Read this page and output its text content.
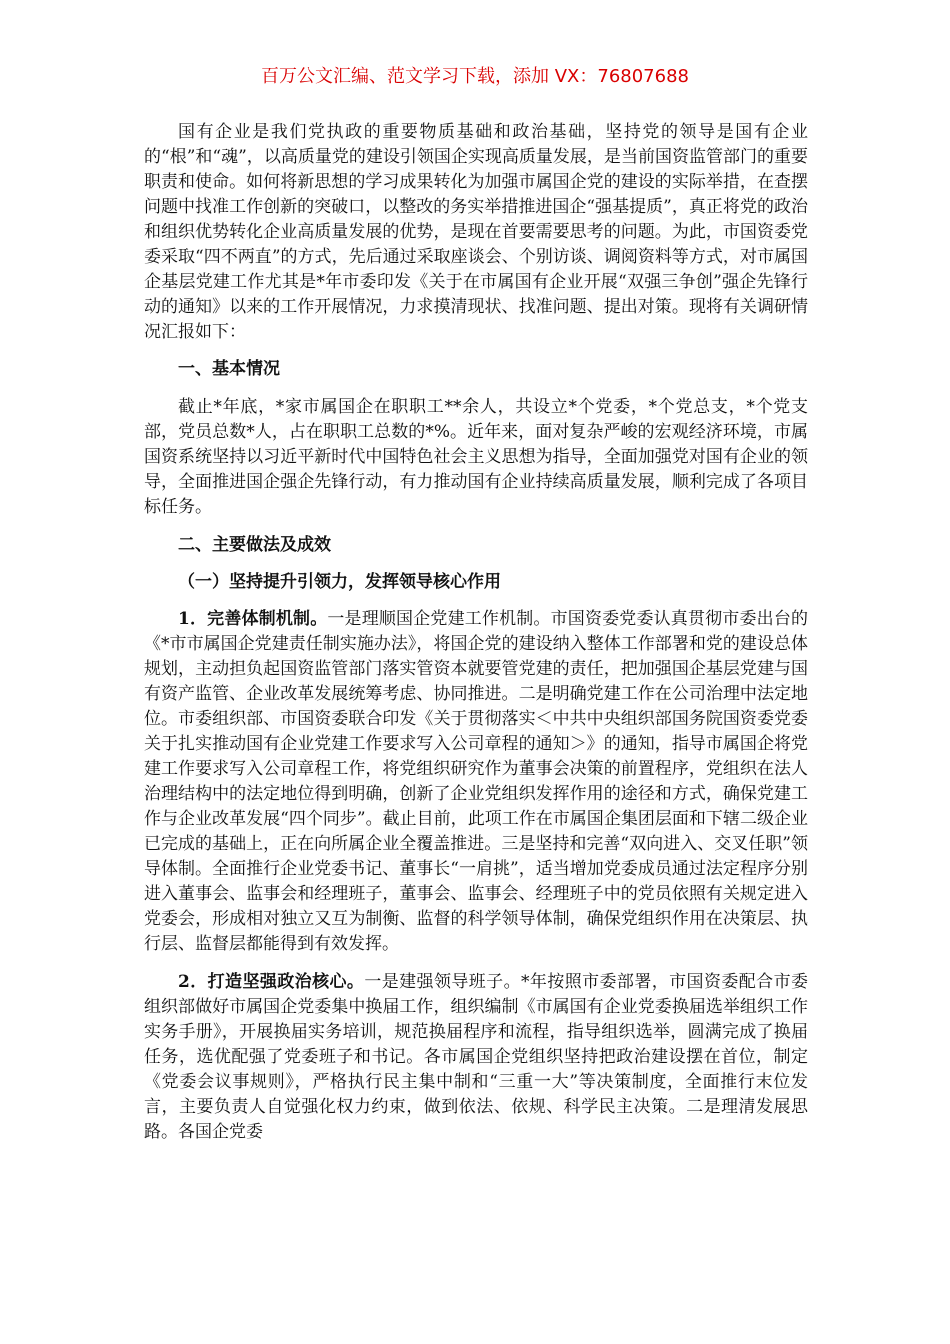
百万公文汇编、范文学习下载，添加 VX：76807688

国有企业是我们党执政的重要物质基础和政治基础，坚持党的领导是国有企业的“根”和“魂”，以高质量党的建设引领国企实现高质量发展，是当前国资监管部门的重要职责和使命。如何将新思想的学习成果转化为加强市属国企党的建设的实际举措，在查摆问题中找准工作创新的突破口，以整改的务实举措推进国企“强基提质”，真正将党的政治和组织优势转化企业高质量发展的优势，是现在首要需要思考的问题。为此，市国资委党委采取“四不两直”的方式，先后通过采取座谈会、个别访谈、调阅资料等方式，对市属国企基层党建工作尤其是*年市委印发《关于在市属国有企业开展“双强三争创”强企先锋行动的通知》以来的工作开展情况，力求摸清现状、找准问题、提出对策。现将有关调研情况汇报如下：

一、基本情况

截止*年底，*家市属国企在职职工**余人，共设立*个党委，*个党总支，*个党支部，党员总数*人，占在职职工总数的*%。近年来，面对复杂严峻的宏观经济环境，市属国资系统坚持以习近平新时代中国特色社会主义思想为指导，全面加强党对国有企业的领导，全面推进国企强企先锋行动，有力推动国有企业持续高质量发展，顺利完成了各项目标任务。

二、主要做法及成效
（一）坚持提升引领力，发挥领导核心作用

1．完善体制机制。一是理顺国企党建工作机制。市国资委党委认真贯彻市委出台的《*市市属国企党建责任制实施办法》，将国企党的建设纳入整体工作部署和党的建设总体规划，主动担负起国资监管部门落实管资本就要管党建的责任，把加强国企基层党建与国有资产监管、企业改革发展统筹考虑、协同推进。二是明确党建工作在公司治理中法定地位。市委组织部、市国资委联合印发《关于贯彻落实＜中共中央组织部国务院国资委党委关于扎实推动国有企业党建工作要求写入公司章程的通知＞》的通知，指导市属国企将党建工作要求写入公司章程工作，将党组织研究作为董事会决策的前置程序，党组织在法人治理结构中的法定地位得到明确，创新了企业党组织发挥作用的途径和方式，确保党建工作与企业改革发展“四个同步”。截止目前，此项工作在市属国企集团层面和下辖二级企业已完成的基础上，正在向所属企业全覆盖推进。三是坚持和完善“双向进入、交叉任职”领导体制。全面推行企业党委书记、董事长“一肩挑”，适当增加党委成员通过法定程序分别进入董事会、监事会和经理班子，董事会、监事会、经理班子中的党员依照有关规定进入党委会，形成相对独立又互为制衡、监督的科学领导体制，确保党组织作用在决策层、执行层、监督层都能得到有效发挥。

2．打造坚强政治核心。一是建强领导班子。*年按照市委部署，市国资委配合市委组织部做好市属国企党委集中换届工作，组织编制《市属国有企业党委换届选举组织工作实务手册》，开展换届实务培训，规范换届程序和流程，指导组织选举，圆满完成了换届任务，选优配强了党委班子和书记。各市属国企党组织坚持把政治建设摆在首位，制定《党委会议事规则》，严格执行民主集中制和“三重一大”等决策制度，全面推行末位发言，主要负责人自觉强化权力约束，做到依法、依规、科学民主决策。二是理清发展思路。各国企党委
